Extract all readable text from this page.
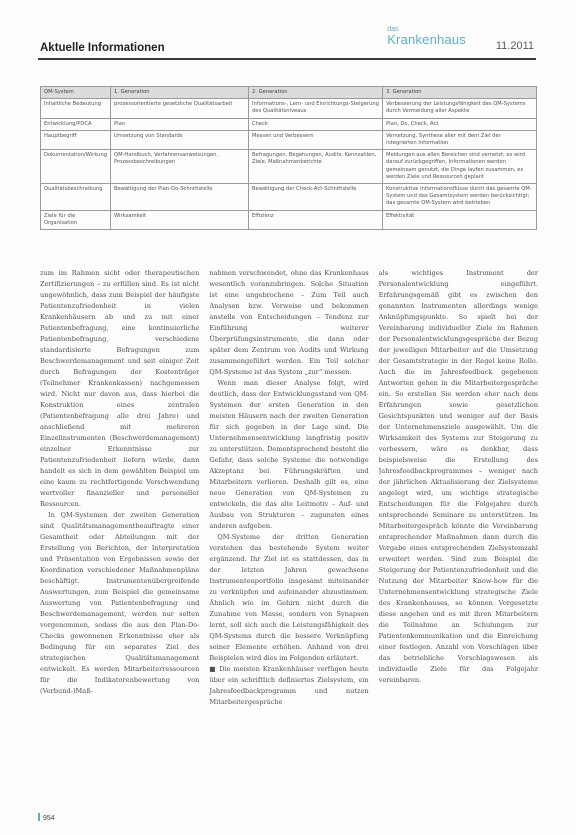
Aktuelle Informationen
das
Krankenhaus	11.2011
QM-System	1. Generation	2. Generation	3. Generation
Inhaltliche Bedeutung	prozessorientierte gesetzliche Qualitätsarbeit	Informations-, Lern- und Einrichtungs-Steigerung des Qualitätsniveaus	Verbesserung der Leistungsfähigkeit des QM-Systems durch Vermeidung aller Aspekte
Entwicklung/PDCA	Plan	Check	Plan, Do, Check, Act
Hauptbegriff	Umsetzung von Standards	Messen und Verbessern	Vernetzung, Synthese aller mit dem Ziel der integrierten Information
Dokumentation/Wirkung	QM-Handbuch, Verfahrensanweisungen, Prozessbeschreibungen	Befragungen, Begehungen, Audits, Kennzahlen, Ziele, Maßnahmenberichte	Meldungen aus allen Bereichen sind vernetzt; es wird darauf zurückgegriffen, Informationen werden gemeinsam genutzt, die Dinge laufen zusammen, es werden Ziele und Ressourcen geplant
Qualitätsbeschreibung	Bewältigung der Plan-Do-Schnittstelle	Bewältigung der Check-Act-Schnittstelle	Konstruktive Informationsflüsse durch das gesamte QM-System und das Gesamtsystem werden berücksichtigt; das gesamte QM-System wird betrieben
Ziele für die Organisation	Wirksamkeit	Effizienz	Effektivität

zum im Rahmen sicht oder therapeutischen Zertifizierungen – zu erfüllen sind. Es ist nicht ungewöhnlich, dass zum Beispiel der häufigste Patientenzufriedenheit in vielen Krankenhäusern ab und zu mit einer Patientenbefragung, eine kontinuierliche Patientenbefragung, verschiedene standardisierte Befragungen zum Beschwerdemanagement und seit einiger Zeit durch Befragungen der Kostenträger (Teilnehmer Krankenkassen) nachgemessen wird. Nicht nur davon aus, dass hierbei die Konstruktion eines zentralen (Patientenbefragung alle drei Jahre) und anschließend mit mehreren Einzelinstrumenten (Beschwerdemanagement) einzelner Erkenntnisse zur Patientenzufriedenheit liefern würde, dann handelt es sich in dem gewählten Beispiel um eine kaum zu rechtfertigende Verschwendung wertvoller finanzieller und personeller Ressourcen.

In QM-Systemen der zweiten Generation sind Qualitätsmanagementbeauftragte einer Gesamtheit oder Abteilungen mit der Erstellung von Berichten, der Interpretation und Präsentation von Ergebnissen sowie der Koordination verschiedener Maßnahmenpläne beschäftigt. Instrumentenübergreifende Auswertungen, zum Beispiel die gemeinsame Auswertung von Patientenbefragung und Beschwerdemanagement, werden nur selten vorgenommen, sodass die aus den Plan-Do-Checks gewonnenen Erkenntnisse eher als Bedingung für ein separates Ziel des strategischen Qualitätsmanagement entwickelt. Es werden Mitarbeiterressourcen für die Indikatorenbewertung von (Verbund-)Maß-

nahmen verschwendet, ohne das Krankenhaus wesentlich voranzubringen. Solche Situation ist eine ungebrochene – Zum Teil auch Analysen bzw. Verweise und bekommen anstelle von Entscheidungen – Tendenz zur Einführung weiterer Überprüfungsinstrumente, die dann oder später dem Zentrum von Audits und Wirkung zusammengeführt werden. Ein Teil solcher QM-Systeme ist das System „zur“ messen.

Wenn man dieser Analyse folgt, wird deutlich, dass der Entwicklungsstand von QM-Systemen der ersten Generation in den meisten Häusern nach der zweiten Generation für sich gegeben in der Lage sind. Die Unternehmensentwicklung langfristig positiv zu unterstützen. Dementsprechend besteht die Gefahr, dass solche Systeme die notwendige Akzeptanz bei Führungskräften und Mitarbeitern verlieren. Deshalb gilt es, eine neue Generation von QM-Systemen zu entwickeln, die das alte Leitmotiv – Auf- und Ausbau von Strukturen – zugunsten eines anderen aufgeben.

QM-Systeme der dritten Generation verstehen das bestehende System weiter ergänzend. Ihr Ziel ist es stattdessen, das in der letzten Jahren gewachsene Instrumentenportfolio insgesamt miteinander zu verknüpfen und aufeinander abzustimmen. Ähnlich wie im Gehirn nicht durch die Zunahme von Masse, sondern von Synapsen lernt, soll sich auch die Leistungsfähigkeit des QM-Systems durch die bessere Verknüpfung seiner Elemente erhöhen. Anhand von drei Beispielen wird dies im Folgenden erläutert.

■ Die meisten Krankenhäuser verfügen heute über ein schriftlich definiertes Zielsystem, ein Jahresfeedbackprogramm und nutzen Mitarbeitergespräche

als wichtiges Instrument der Personalentwicklung eingeführt. Erfahrungsgemäß gibt es zwischen den genannten Instrumenten allerdings wenige Anknüpfungspunkte. So spielt bei der Vereinbarung individueller Ziele im Rahmen der Personalentwicklungsgespräche der Bezug der jeweiligen Mitarbeiter auf die Umsetzung der Gesamtstrategie in der Regel keine Rolle. Auch die im Jahresfeedback gegebenen Antworten gehen in die Mitarbeitergespräche ein. So erstellen Sie werden eher nach dem Erfahrungen sowie gesetzlichen Gesichtspunkten und weniger auf der Basis der Unternehmensziele ausgewählt. Um die Wirksamkeit des Systems zur Steigerung zu verbessern, wäre es denkbar, dass beispielsweise die Erstellung des Jahresfeedbackprogrammes – weniger nach der jährlichen Aktualisierung der Zielsysteme angelegt wird, um wichtige strategische Entscheidungen für die Folgejahre durch entsprechende Seminare zu unterstützen. Im Mitarbeitergespräch könnte die Vereinbarung entsprechender Maßnahmen dann durch die Vorgabe eines entsprechenden Zielsystemzahl erweitert werden. Sind zum Beispiel die Steigerung der Patientenzufriedenheit und die Nutzung der Mitarbeiter Know-how für die Unternehmensentwicklung strategische Ziele des Krankenhauses, so können Vorgesetzte diese angehen und es mit ihren Mitarbeitern die Teilnahme an Schulungen zur Patientenkommunikation und die Einreichung einer festlegen. Anzahl von Vorschlägen über das betriebliche Vorschlagswesen als individuelle Ziele für das Folgejahr vereinbaren.

954
